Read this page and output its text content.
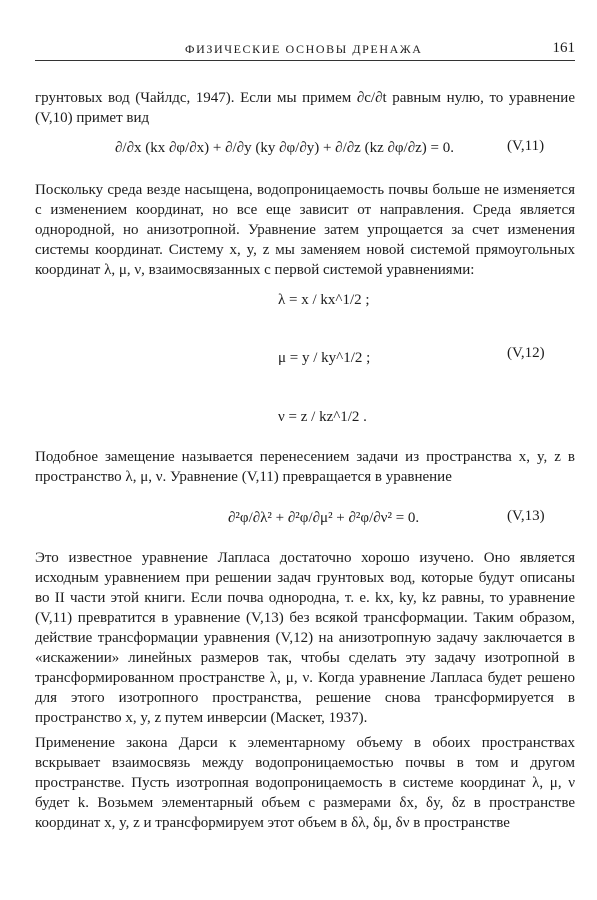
ФИЗИЧЕСКИЕ ОСНОВЫ ДРЕНАЖА	161

грунтовых вод (Чайлдс, 1947). Если мы примем ∂c/∂t равным нулю, то уравнение (V,10) примет вид

∂/∂x (kx ∂φ/∂x) + ∂/∂y (ky ∂φ/∂y) + ∂/∂z (kz ∂φ/∂z) = 0.	(V,11)

Поскольку среда везде насыщена, водопроницаемость почвы больше не изменяется с изменением координат, но все еще зависит от направления. Среда является однородной, но анизотропной. Уравнение затем упрощается за счет изменения системы координат. Систему x, y, z мы заменяем новой системой прямоугольных координат λ, μ, ν, взаимосвязанных с первой системой уравнениями:

λ = x / kx^1/2 ;
μ = y / ky^1/2 ;	(V,12)
ν = z / kz^1/2 .

Подобное замещение называется перенесением задачи из пространства x, y, z в пространство λ, μ, ν. Уравнение (V,11) превращается в уравнение

∂²φ/∂λ² + ∂²φ/∂μ² + ∂²φ/∂ν² = 0.	(V,13)

Это известное уравнение Лапласа достаточно хорошо изучено. Оно является исходным уравнением при решении задач грунтовых вод, которые будут описаны во II части этой книги. Если почва однородна, т. е. kx, ky, kz равны, то уравнение (V,11) превратится в уравнение (V,13) без всякой трансформации. Таким образом, действие трансформации уравнения (V,12) на анизотропную задачу заключается в «искажении» линейных размеров так, чтобы сделать эту задачу изотропной в трансформированном пространстве λ, μ, ν. Когда уравнение Лапласа будет решено для этого изотропного пространства, решение снова трансформируется в пространство x, y, z путем инверсии (Маскет, 1937).

Применение закона Дарси к элементарному объему в обоих пространствах вскрывает взаимосвязь между водопроницаемостью почвы в том и другом пространстве. Пусть изотропная водопроницаемость в системе координат λ, μ, ν будет k. Возьмем элементарный объем с размерами δx, δy, δz в пространстве координат x, y, z и трансформируем этот объем в δλ, δμ, δν в пространстве
